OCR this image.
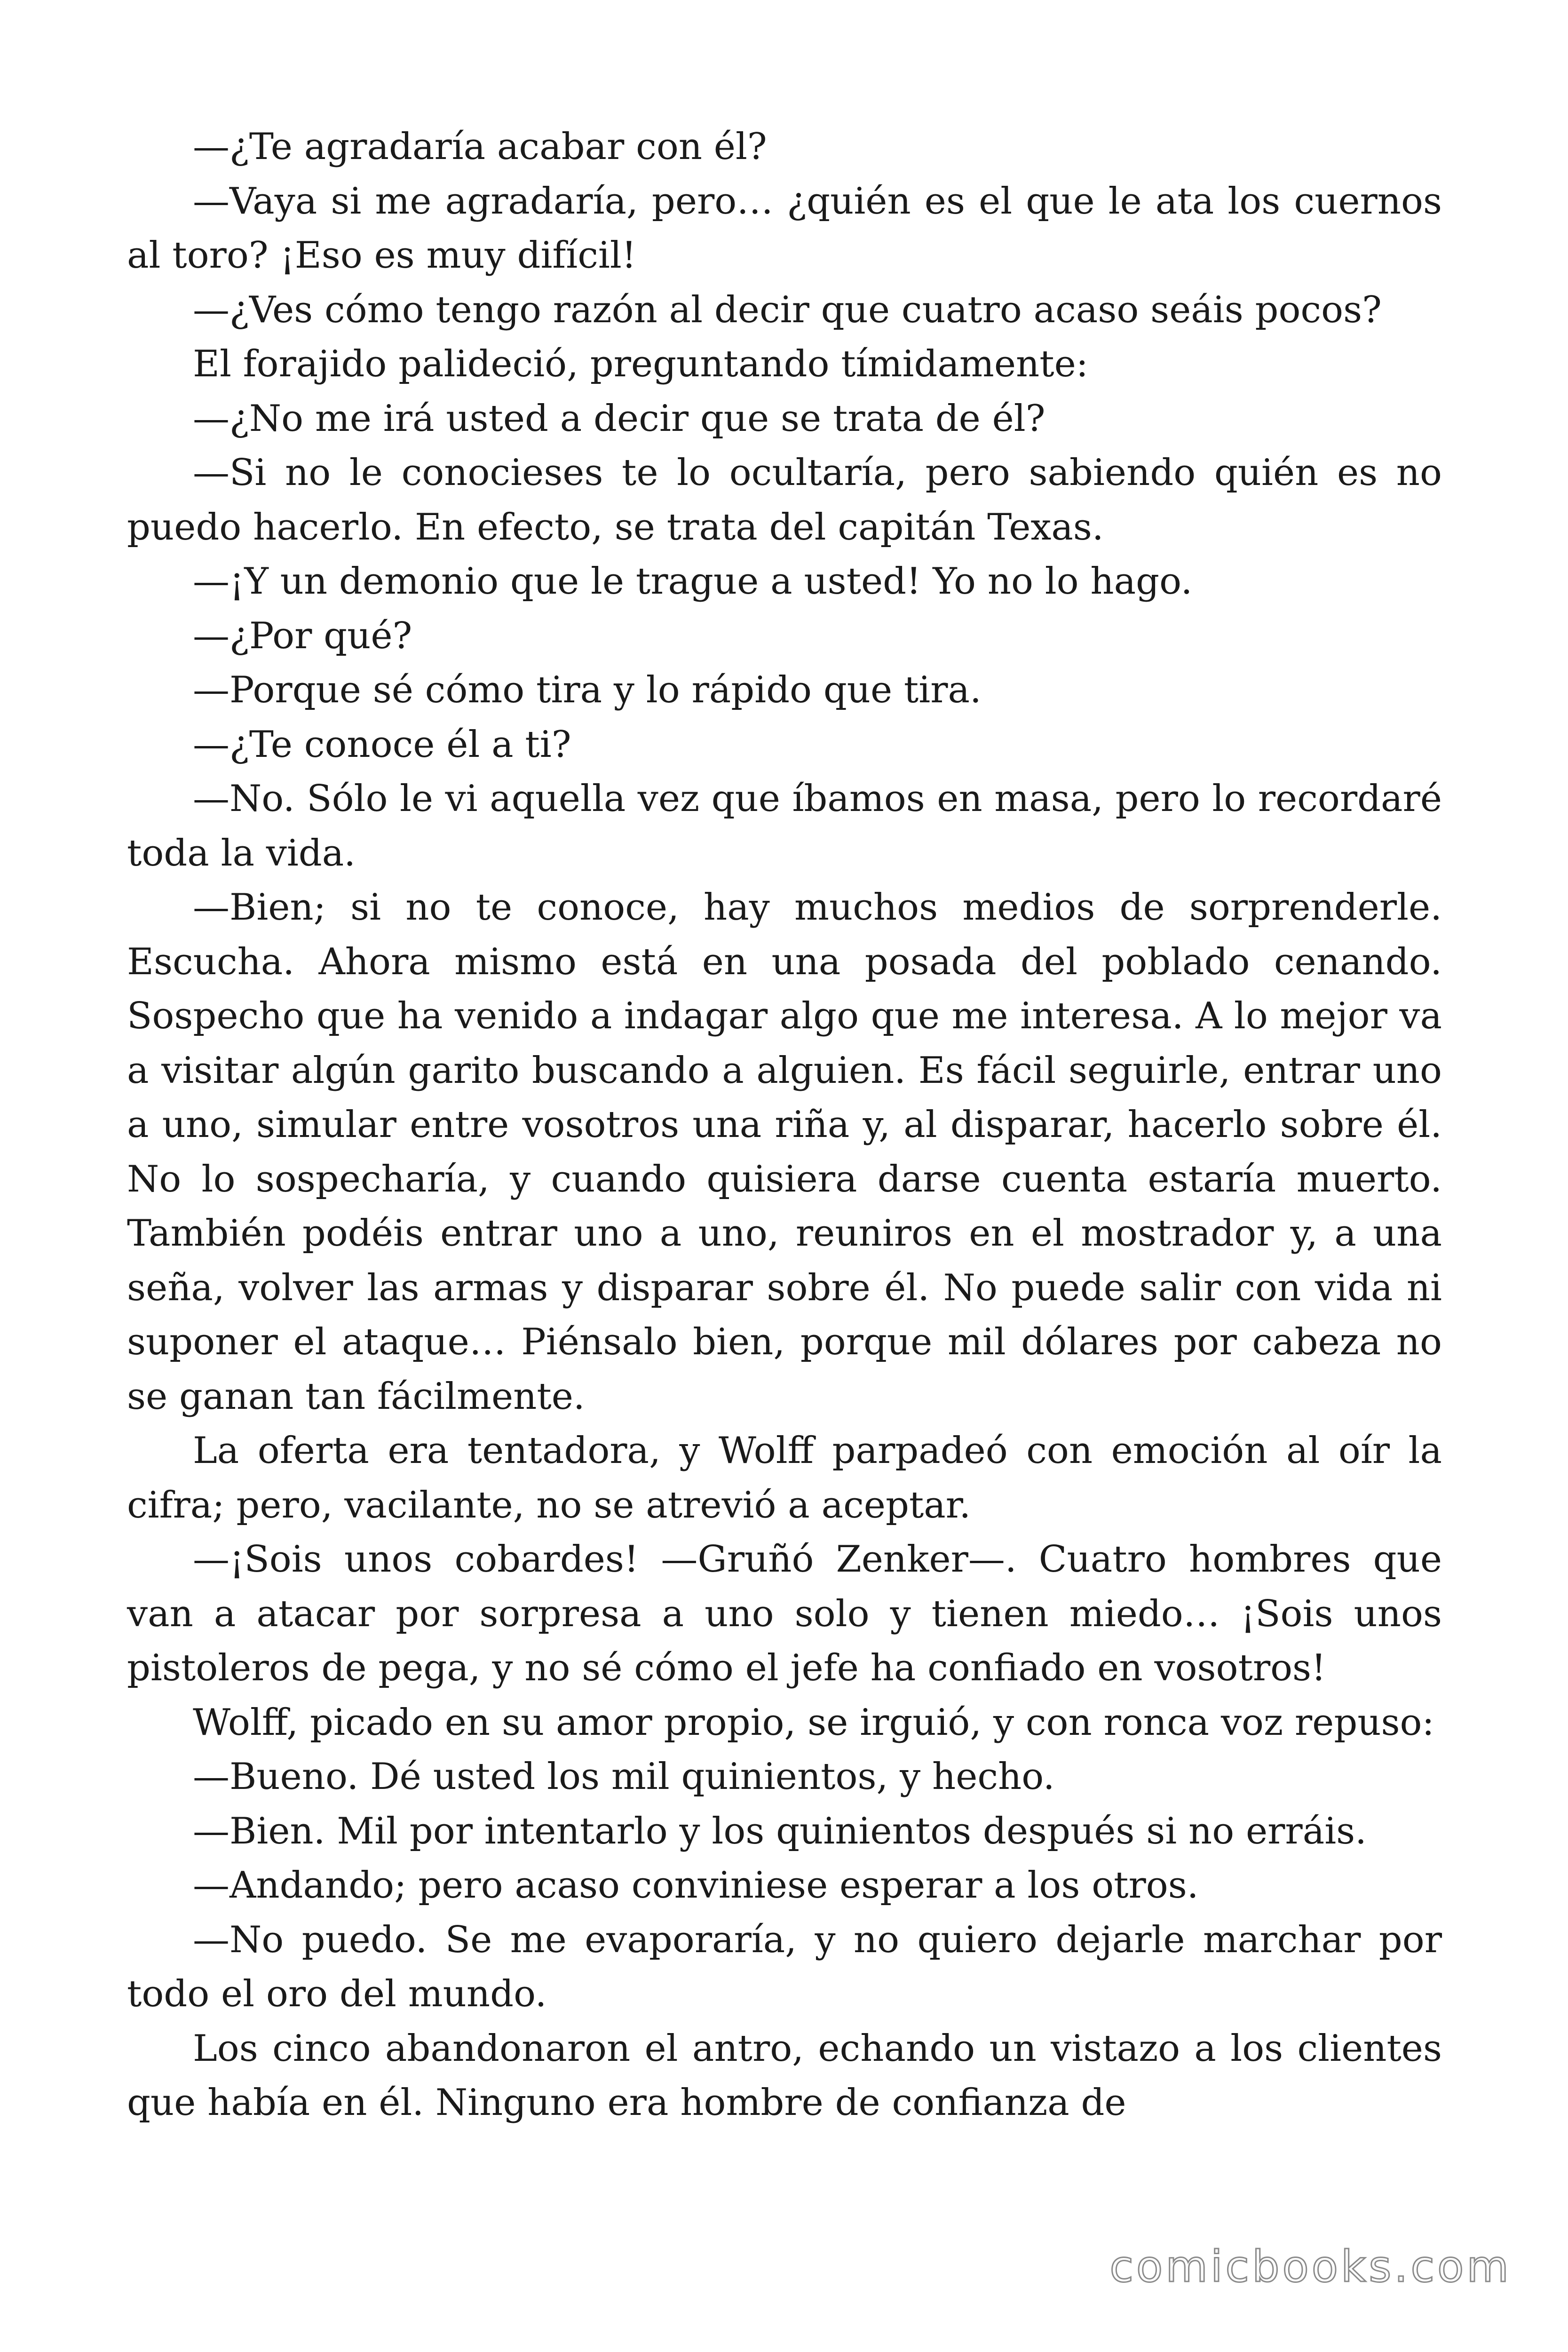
—¿Te agradaría acabar con él?

—Vaya si me agradaría, pero… ¿quién es el que le ata los cuernos al toro? ¡Eso es muy difícil!

—¿Ves cómo tengo razón al decir que cuatro acaso seáis pocos?

El forajido palideció, preguntando tímidamente:

—¿No me irá usted a decir que se trata de él?

—Si no le conocieses te lo ocultaría, pero sabiendo quién es no puedo hacerlo. En efecto, se trata del capitán Texas.

—¡Y un demonio que le trague a usted! Yo no lo hago.

—¿Por qué?

—Porque sé cómo tira y lo rápido que tira.

—¿Te conoce él a ti?

—No. Sólo le vi aquella vez que íbamos en masa, pero lo recordaré toda la vida.

—Bien; si no te conoce, hay muchos medios de sorprenderle. Escucha. Ahora mismo está en una posada del poblado cenando. Sospecho que ha venido a indagar algo que me interesa. A lo mejor va a visitar algún garito buscando a alguien. Es fácil seguirle, entrar uno a uno, simular entre vosotros una riña y, al disparar, hacerlo sobre él. No lo sospecharía, y cuando quisiera darse cuenta estaría muerto. También podéis entrar uno a uno, reuniros en el mostrador y, a una seña, volver las armas y disparar sobre él. No puede salir con vida ni suponer el ataque… Piénsalo bien, porque mil dólares por cabeza no se ganan tan fácilmente.

La oferta era tentadora, y Wolff parpadeó con emoción al oír la cifra; pero, vacilante, no se atrevió a aceptar.

—¡Sois unos cobardes! —Gruñó Zenker—. Cuatro hombres que van a atacar por sorpresa a uno solo y tienen miedo… ¡Sois unos pistoleros de pega, y no sé cómo el jefe ha confiado en vosotros!

Wolff, picado en su amor propio, se irguió, y con ronca voz repuso:

—Bueno. Dé usted los mil quinientos, y hecho.

—Bien. Mil por intentarlo y los quinientos después si no erráis.

—Andando; pero acaso conviniese esperar a los otros.

—No puedo. Se me evaporaría, y no quiero dejarle marchar por todo el oro del mundo.

Los cinco abandonaron el antro, echando un vistazo a los clientes que había en él. Ninguno era hombre de confianza de

comicbooks.com
